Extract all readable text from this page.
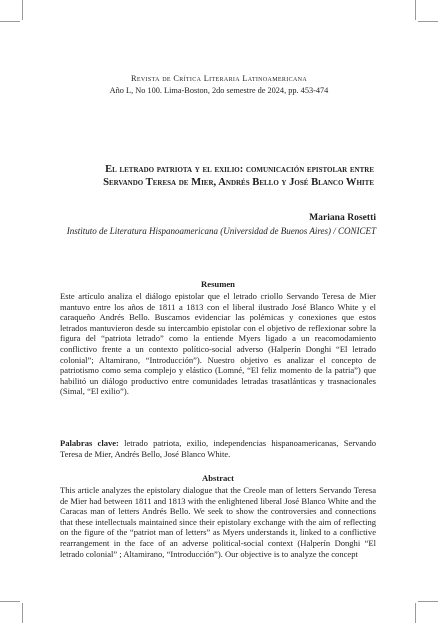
Revista de Crítica Literaria Latinoamericana
Año L, No 100. Lima-Boston, 2do semestre de 2024, pp. 453-474
El letrado patriota y el exilio: comunicación epistolar entre Servando Teresa de Mier, Andrés Bello y José Blanco White
Mariana Rosetti
Instituto de Literatura Hispanoamericana (Universidad de Buenos Aires) / CONICET
Resumen
Este artículo analiza el diálogo epistolar que el letrado criollo Servando Teresa de Mier mantuvo entre los años de 1811 a 1813 con el liberal ilustrado José Blanco White y el caraqueño Andrés Bello. Buscamos evidenciar las polémicas y conexiones que estos letrados mantuvieron desde su intercambio epistolar con el objetivo de reflexionar sobre la figura del “patriota letrado” como la entiende Myers ligado a un reacomodamiento conflictivo frente a un contexto político-social adverso (Halperín Donghi “El letrado colonial”; Altamirano, “Introducción”). Nuestro objetivo es analizar el concepto de patriotismo como sema complejo y elástico (Lomné, “El feliz momento de la patria”) que habilitó un diálogo productivo entre comunidades letradas trasatlánticas y trasnacionales (Simal, “El exilio”).
Palabras clave: letrado patriota, exilio, independencias hispanoamericanas, Servando Teresa de Mier, Andrés Bello, José Blanco White.
Abstract
This article analyzes the epistolary dialogue that the Creole man of letters Servando Teresa de Mier had between 1811 and 1813 with the enlightened liberal José Blanco White and the Caracas man of letters Andrés Bello. We seek to show the controversies and connections that these intellectuals maintained since their epistolary exchange with the aim of reflecting on the figure of the “patriot man of letters” as Myers understands it, linked to a conflictive rearrangement in the face of an adverse political-social context (Halperín Donghi “El letrado colonial” ; Altamirano, “Introducción”). Our objective is to analyze the concept
